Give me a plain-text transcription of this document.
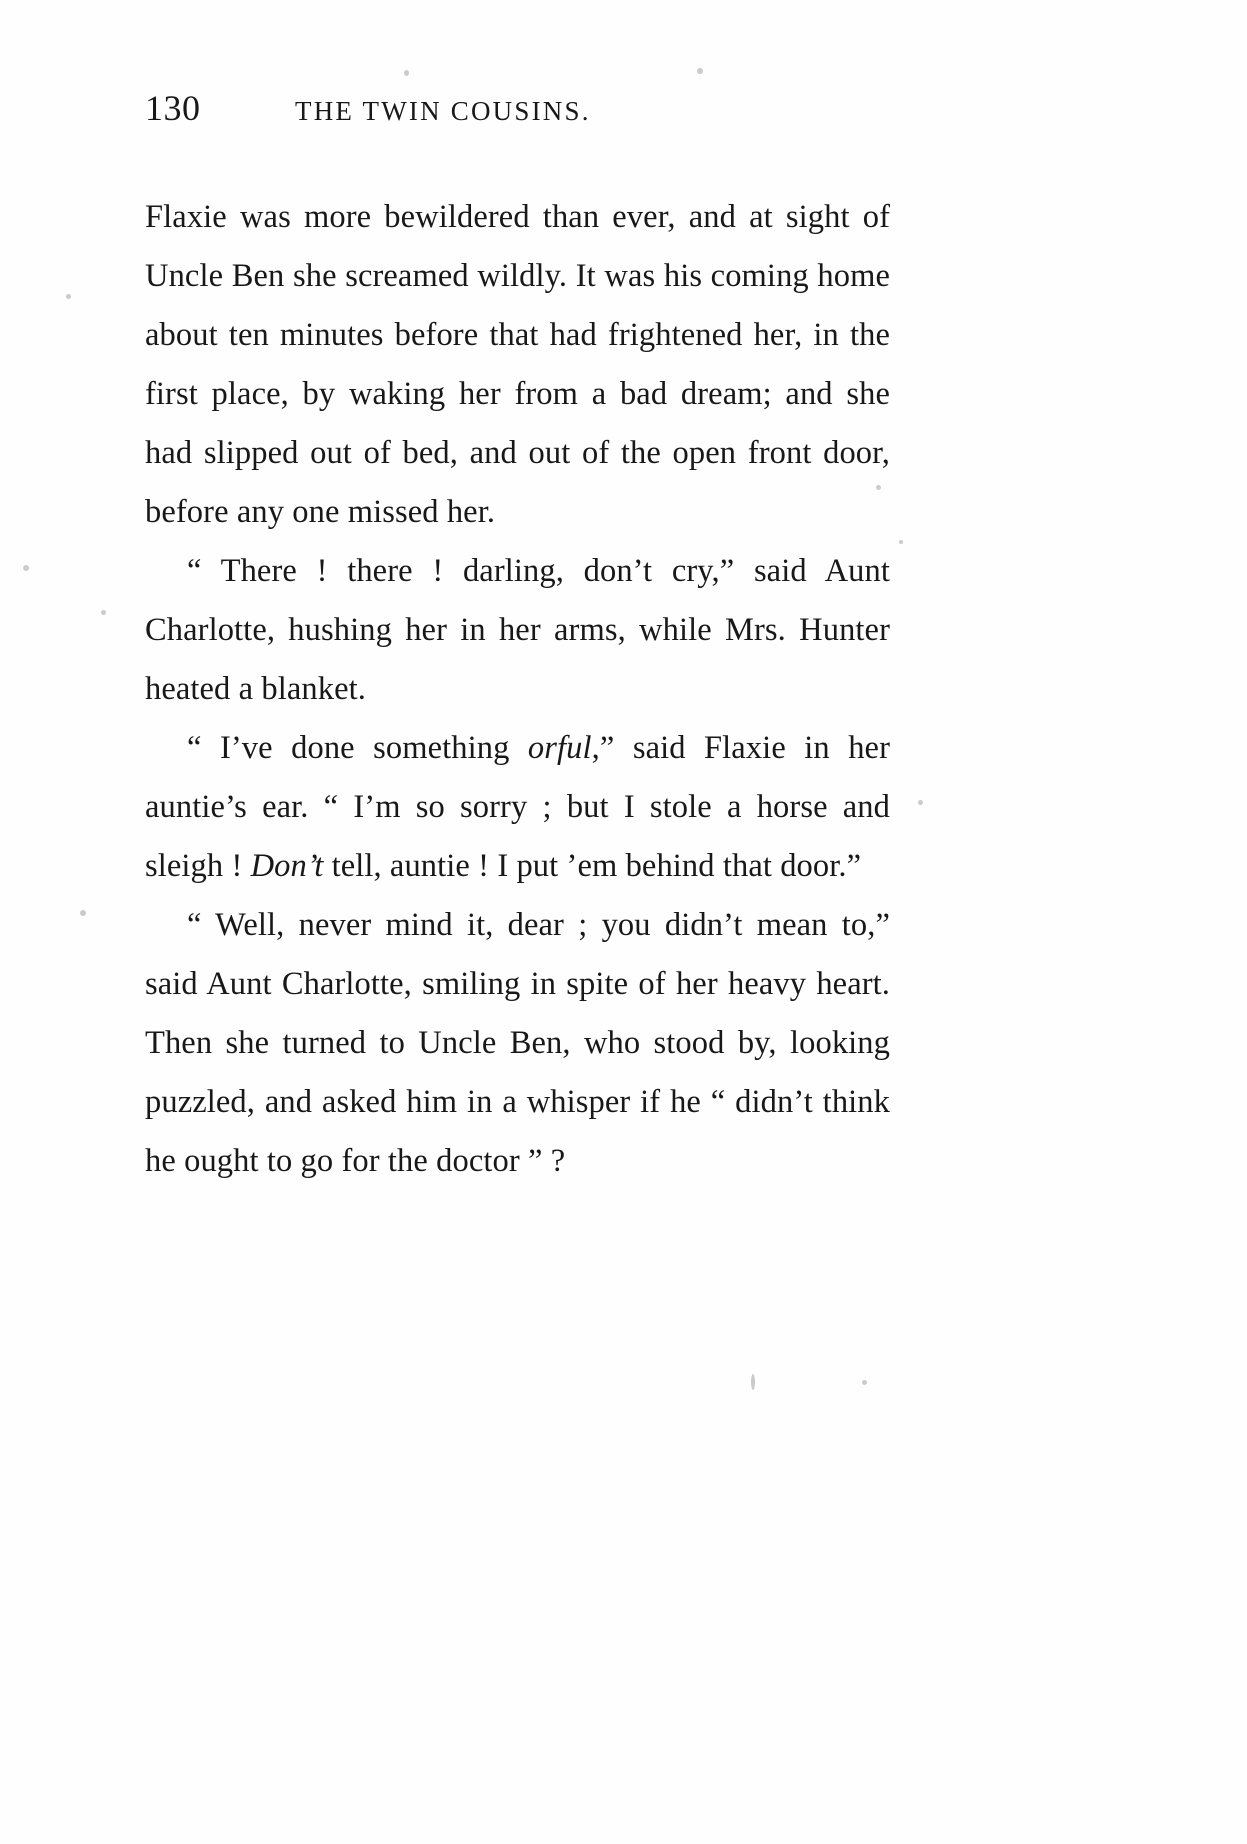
130	THE TWIN COUSINS.

Flaxie was more bewildered than ever, and at sight of Uncle Ben she screamed wildly. It was his coming home about ten minutes before that had frightened her, in the first place, by waking her from a bad dream; and she had slipped out of bed, and out of the open front door, before any one missed her.

“ There ! there ! darling, don’t cry,” said Aunt Charlotte, hushing her in her arms, while Mrs. Hunter heated a blanket.

“ I’ve done something orful,” said Flaxie in her auntie’s ear. “ I’m so sorry ; but I stole a horse and sleigh ! Don’t tell, auntie ! I put ’em behind that door.”

“ Well, never mind it, dear ; you didn’t mean to,” said Aunt Charlotte, smiling in spite of her heavy heart. Then she turned to Uncle Ben, who stood by, looking puzzled, and asked him in a whisper if he “ didn’t think he ought to go for the doctor ” ?
